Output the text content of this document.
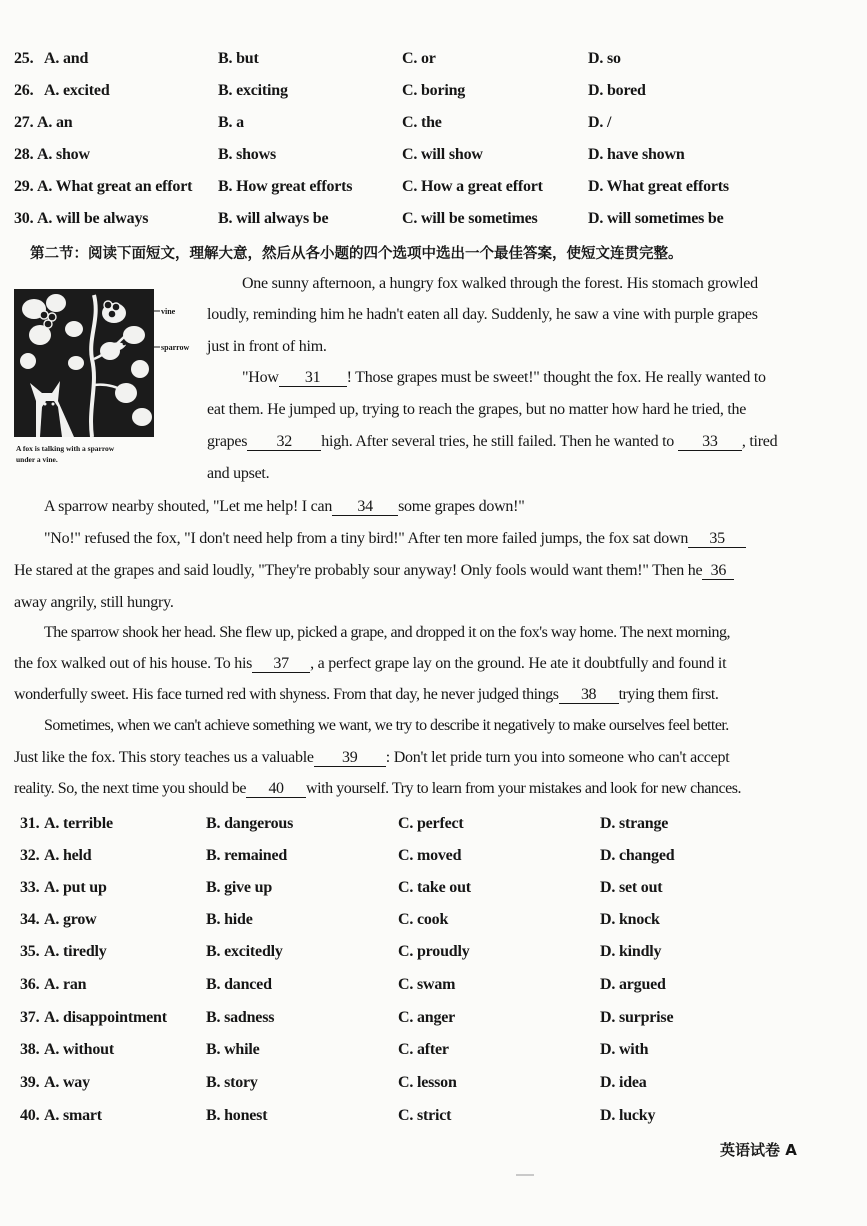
25. A. and	B. but	C. or	D. so
26. A. excited	B. exciting	C. boring	D. bored
27. A. an	B. a	C. the	D. /
28. A. show	B. shows	C. will show	D. have shown
29. A. What great an effort B. How great efforts	C. How a great effort	D. What great efforts
30. A. will be always	B. will always be	C. will be sometimes	D. will sometimes be
第二节：阅读下面短文，理解大意，然后从各小题的四个选项中选出一个最佳答案，使短文连贯完整。
vine
sparrow
A fox is talking with a sparrow
under a vine.
One sunny afternoon, a hungry fox walked through the forest. His stomach growled
loudly, reminding him he hadn't eaten all day. Suddenly, he saw a vine with purple grapes
just in front of him.
"How 31 ! Those grapes must be sweet!" thought the fox. He really wanted to
eat them. He jumped up, trying to reach the grapes, but no matter how hard he tried, the
grapes 32 high. After several tries, he still failed. Then he wanted to 33 , tired
and upset.
A sparrow nearby shouted, "Let me help! I can 34 some grapes down!"
"No!" refused the fox, "I don't need help from a tiny bird!" After ten more failed jumps, the fox sat down 35
He stared at the grapes and said loudly, "They're probably sour anyway! Only fools would want them!" Then he 36
away angrily, still hungry.
The sparrow shook her head. She flew up, picked a grape, and dropped it on the fox's way home. The next morning,
the fox walked out of his house. To his 37 , a perfect grape lay on the ground. He ate it doubtfully and found it
wonderfully sweet. His face turned red with shyness. From that day, he never judged things 38 trying them first.
Sometimes, when we can't achieve something we want, we try to describe it negatively to make ourselves feel better.
Just like the fox. This story teaches us a valuable 39 : Don't let pride turn you into someone who can't accept
reality. So, the next time you should be 40 with yourself. Try to learn from your mistakes and look for new chances.
31. A. terrible	B. dangerous	C. perfect	D. strange
32. A. held	B. remained	C. moved	D. changed
33. A. put up	B. give up	C. take out	D. set out
34. A. grow	B. hide	C. cook	D. knock
35. A. tiredly	B. excitedly	C. proudly	D. kindly
36. A. ran	B. danced	C. swam	D. argued
37. A. disappointment B. sadness	C. anger	D. surprise
38. A. without	B. while	C. after	D. with
39. A. way	B. story	C. lesson	D. idea
40. A. smart	B. honest	C. strict	D. lucky
英语试卷 A
